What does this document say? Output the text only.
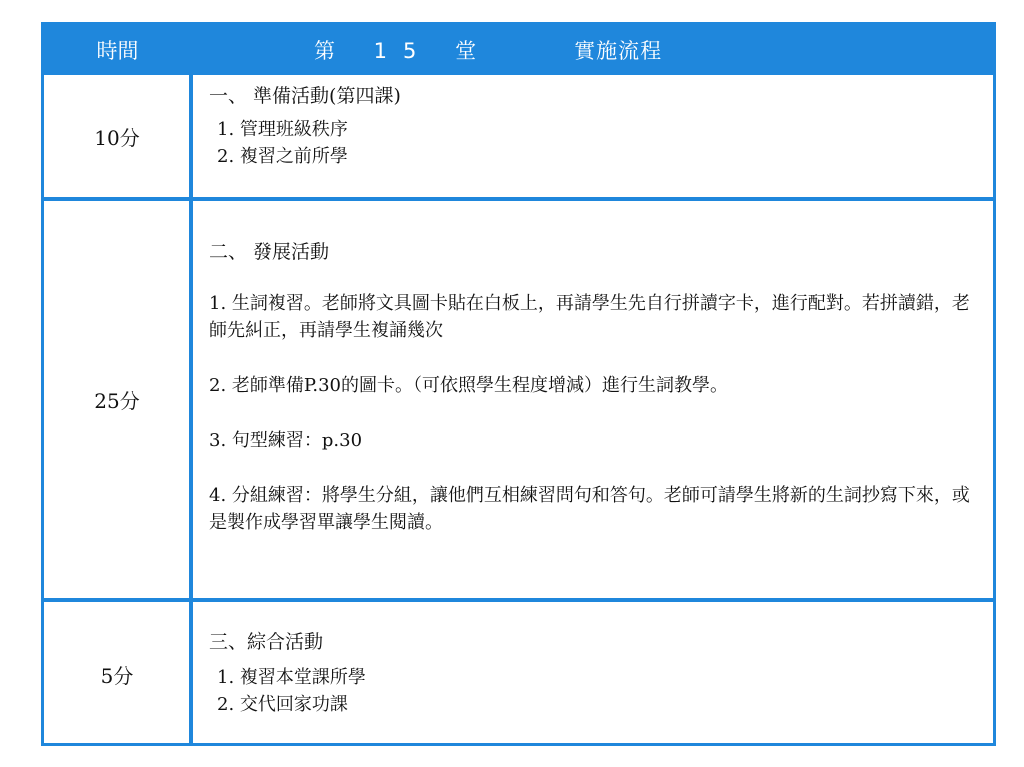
時間	第 15 堂	實施流程
10分

一、 準備活動(第四課)

1. 管理班級秩序

2. 複習之前所學

25分

二、 發展活動

1. 生詞複習。老師將文具圖卡貼在白板上，再請學生先自行拼讀字卡，進行配對。若拼讀錯，老師先糾正，再請學生複誦幾次

2. 老師準備P.30的圖卡。（可依照學生程度增減）進行生詞教學。

3. 句型練習：p.30

4. 分組練習：將學生分組，讓他們互相練習問句和答句。老師可請學生將新的生詞抄寫下來，或是製作成學習單讓學生閱讀。

5分

三、綜合活動

1. 複習本堂課所學

2. 交代回家功課
